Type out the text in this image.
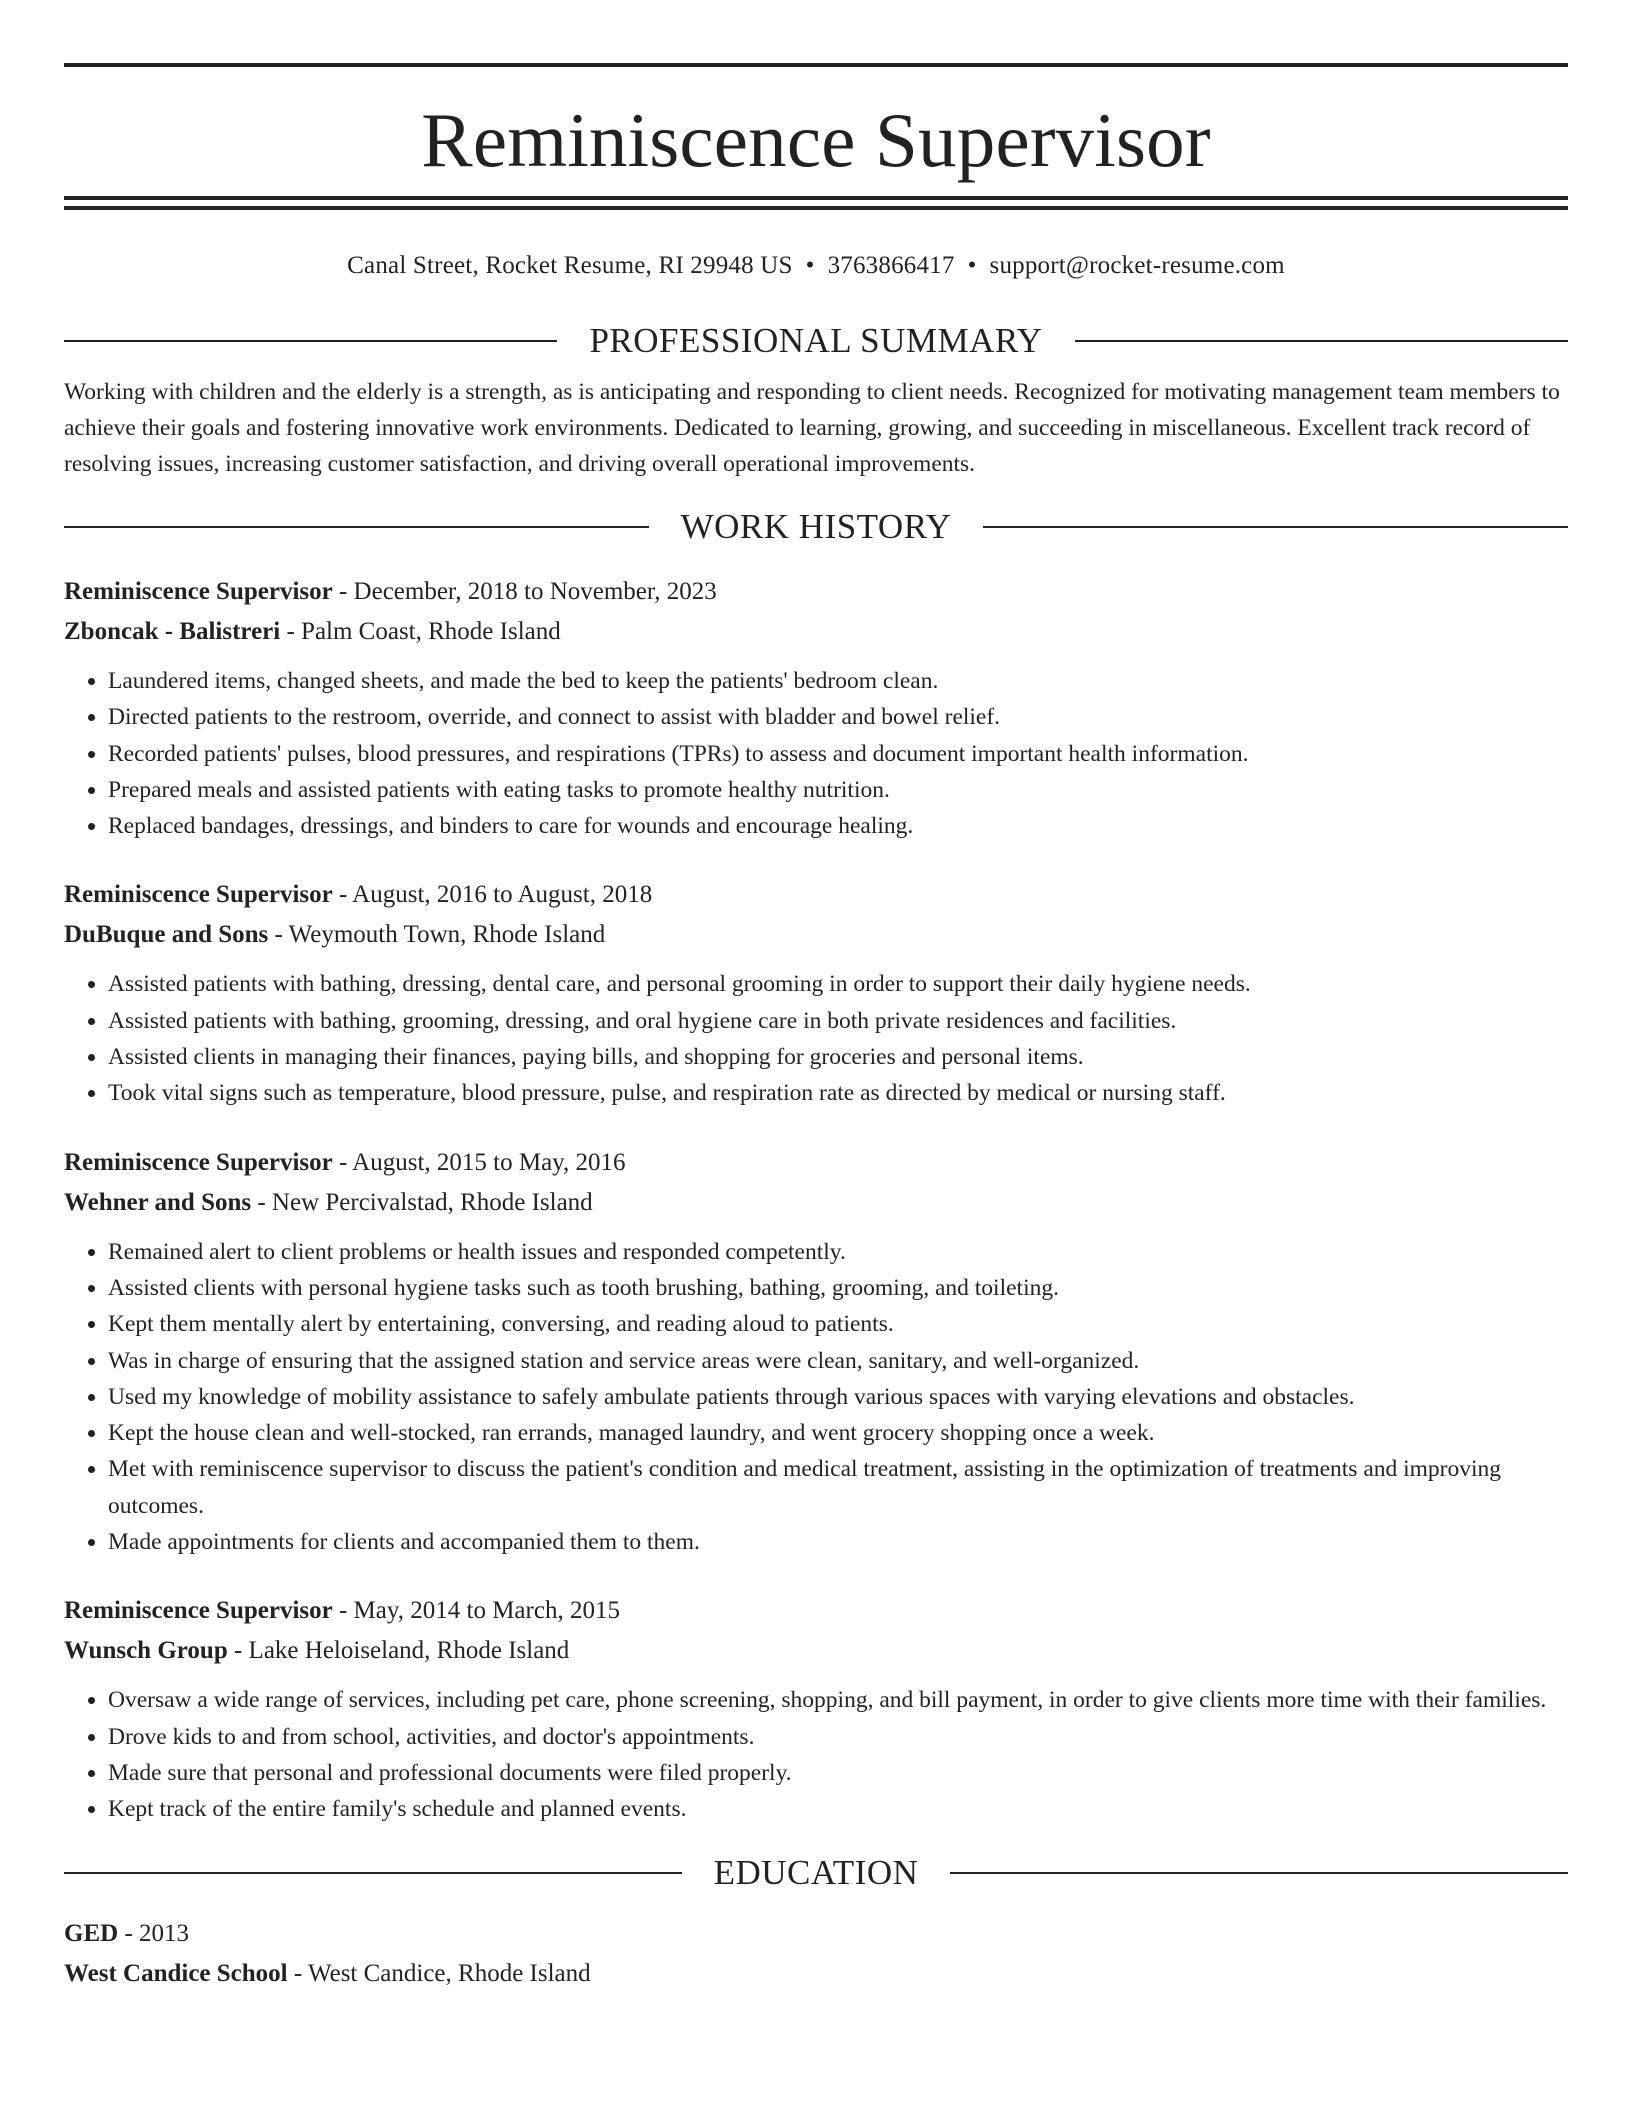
Reminiscence Supervisor
Canal Street, Rocket Resume, RI 29948 US • 3763866417 • support@rocket-resume.com
PROFESSIONAL SUMMARY
Working with children and the elderly is a strength, as is anticipating and responding to client needs. Recognized for motivating management team members to achieve their goals and fostering innovative work environments. Dedicated to learning, growing, and succeeding in miscellaneous. Excellent track record of resolving issues, increasing customer satisfaction, and driving overall operational improvements.
WORK HISTORY
Reminiscence Supervisor - December, 2018 to November, 2023
Zboncak - Balistreri - Palm Coast, Rhode Island
• Laundered items, changed sheets, and made the bed to keep the patients' bedroom clean.
• Directed patients to the restroom, override, and connect to assist with bladder and bowel relief.
• Recorded patients' pulses, blood pressures, and respirations (TPRs) to assess and document important health information.
• Prepared meals and assisted patients with eating tasks to promote healthy nutrition.
• Replaced bandages, dressings, and binders to care for wounds and encourage healing.
Reminiscence Supervisor - August, 2016 to August, 2018
DuBuque and Sons - Weymouth Town, Rhode Island
• Assisted patients with bathing, dressing, dental care, and personal grooming in order to support their daily hygiene needs.
• Assisted patients with bathing, grooming, dressing, and oral hygiene care in both private residences and facilities.
• Assisted clients in managing their finances, paying bills, and shopping for groceries and personal items.
• Took vital signs such as temperature, blood pressure, pulse, and respiration rate as directed by medical or nursing staff.
Reminiscence Supervisor - August, 2015 to May, 2016
Wehner and Sons - New Percivalstad, Rhode Island
• Remained alert to client problems or health issues and responded competently.
• Assisted clients with personal hygiene tasks such as tooth brushing, bathing, grooming, and toileting.
• Kept them mentally alert by entertaining, conversing, and reading aloud to patients.
• Was in charge of ensuring that the assigned station and service areas were clean, sanitary, and well-organized.
• Used my knowledge of mobility assistance to safely ambulate patients through various spaces with varying elevations and obstacles.
• Kept the house clean and well-stocked, ran errands, managed laundry, and went grocery shopping once a week.
• Met with reminiscence supervisor to discuss the patient's condition and medical treatment, assisting in the optimization of treatments and improving outcomes.
• Made appointments for clients and accompanied them to them.
Reminiscence Supervisor - May, 2014 to March, 2015
Wunsch Group - Lake Heloiseland, Rhode Island
• Oversaw a wide range of services, including pet care, phone screening, shopping, and bill payment, in order to give clients more time with their families.
• Drove kids to and from school, activities, and doctor's appointments.
• Made sure that personal and professional documents were filed properly.
• Kept track of the entire family's schedule and planned events.
EDUCATION
GED - 2013
West Candice School - West Candice, Rhode Island
